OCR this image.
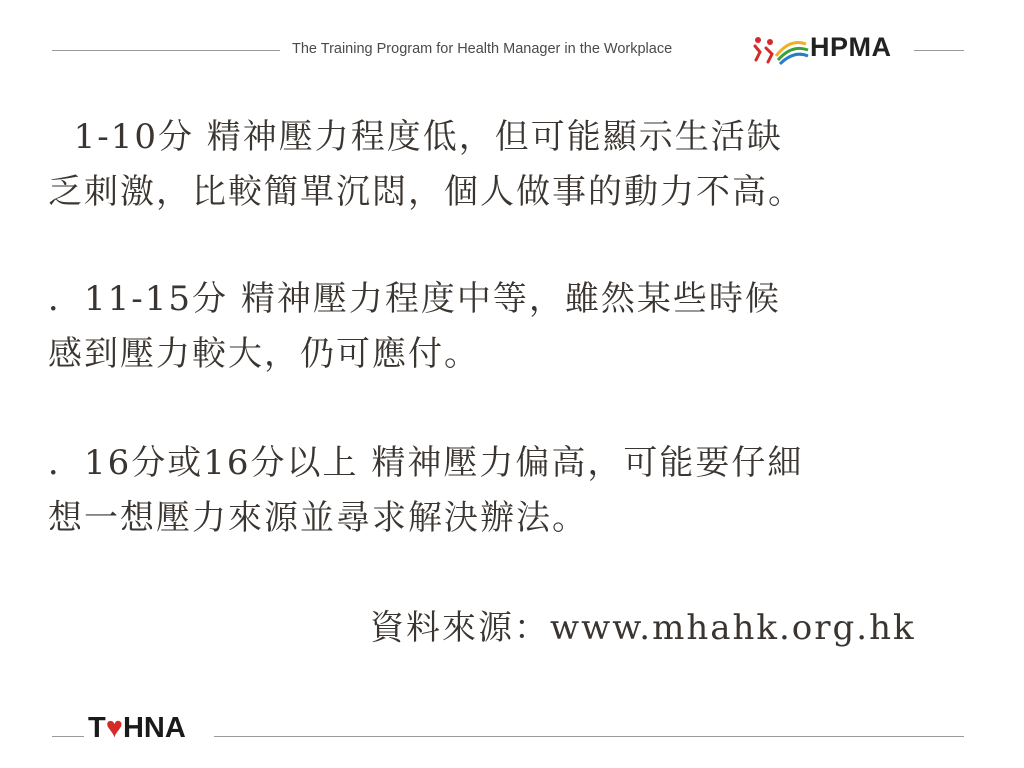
The Training Program for Health Manager in the Workplace	HPMA
1-10分 精神壓力程度低，但可能顯示生活缺
乏刺激，比較簡單沉悶，個人做事的動力不高。
．11-15分 精神壓力程度中等，雖然某些時候
感到壓力較大，仍可應付。
．16分或16分以上 精神壓力偏高，可能要仔細
想一想壓力來源並尋求解決辦法。
資料來源：www.mhahk.org.hk
T♥HNA
